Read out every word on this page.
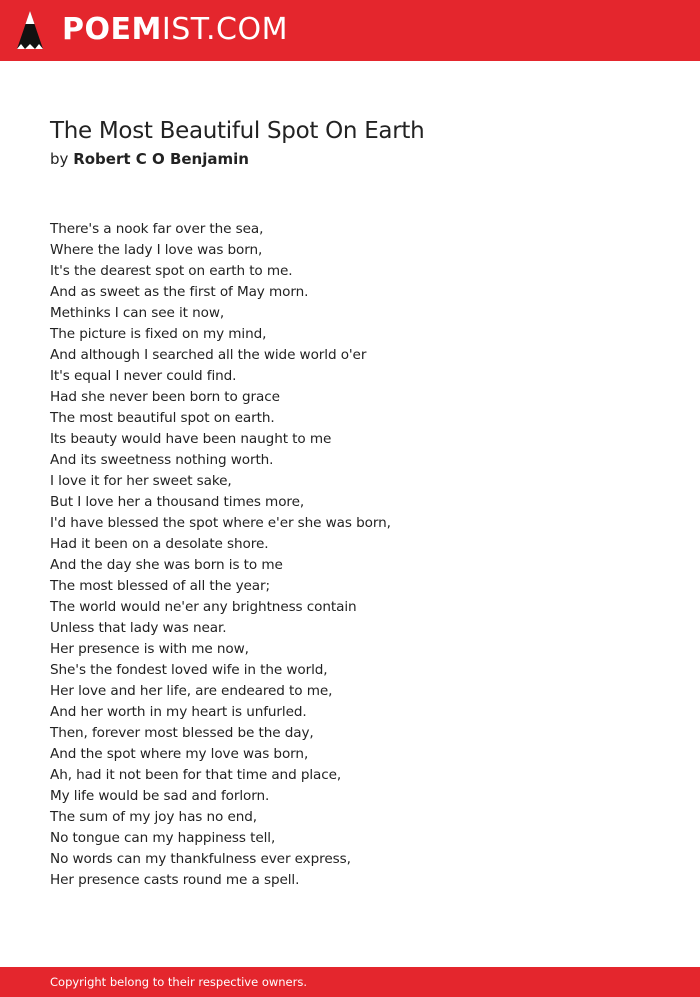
POEMIST.COM
The Most Beautiful Spot On Earth
by Robert C O Benjamin
There's a nook far over the sea,
Where the lady I love was born,
It's the dearest spot on earth to me.
And as sweet as the first of May morn.
Methinks I can see it now,
The picture is fixed on my mind,
And although I searched all the wide world o'er
It's equal I never could find.
Had she never been born to grace
The most beautiful spot on earth.
Its beauty would have been naught to me
And its sweetness nothing worth.
I love it for her sweet sake,
But I love her a thousand times more,
I'd have blessed the spot where e'er she was born,
Had it been on a desolate shore.
And the day she was born is to me
The most blessed of all the year;
The world would ne'er any brightness contain
Unless that lady was near.
Her presence is with me now,
She's the fondest loved wife in the world,
Her love and her life, are endeared to me,
And her worth in my heart is unfurled.
Then, forever most blessed be the day,
And the spot where my love was born,
Ah, had it not been for that time and place,
My life would be sad and forlorn.
The sum of my joy has no end,
No tongue can my happiness tell,
No words can my thankfulness ever express,
Her presence casts round me a spell.
Copyright belong to their respective owners.
